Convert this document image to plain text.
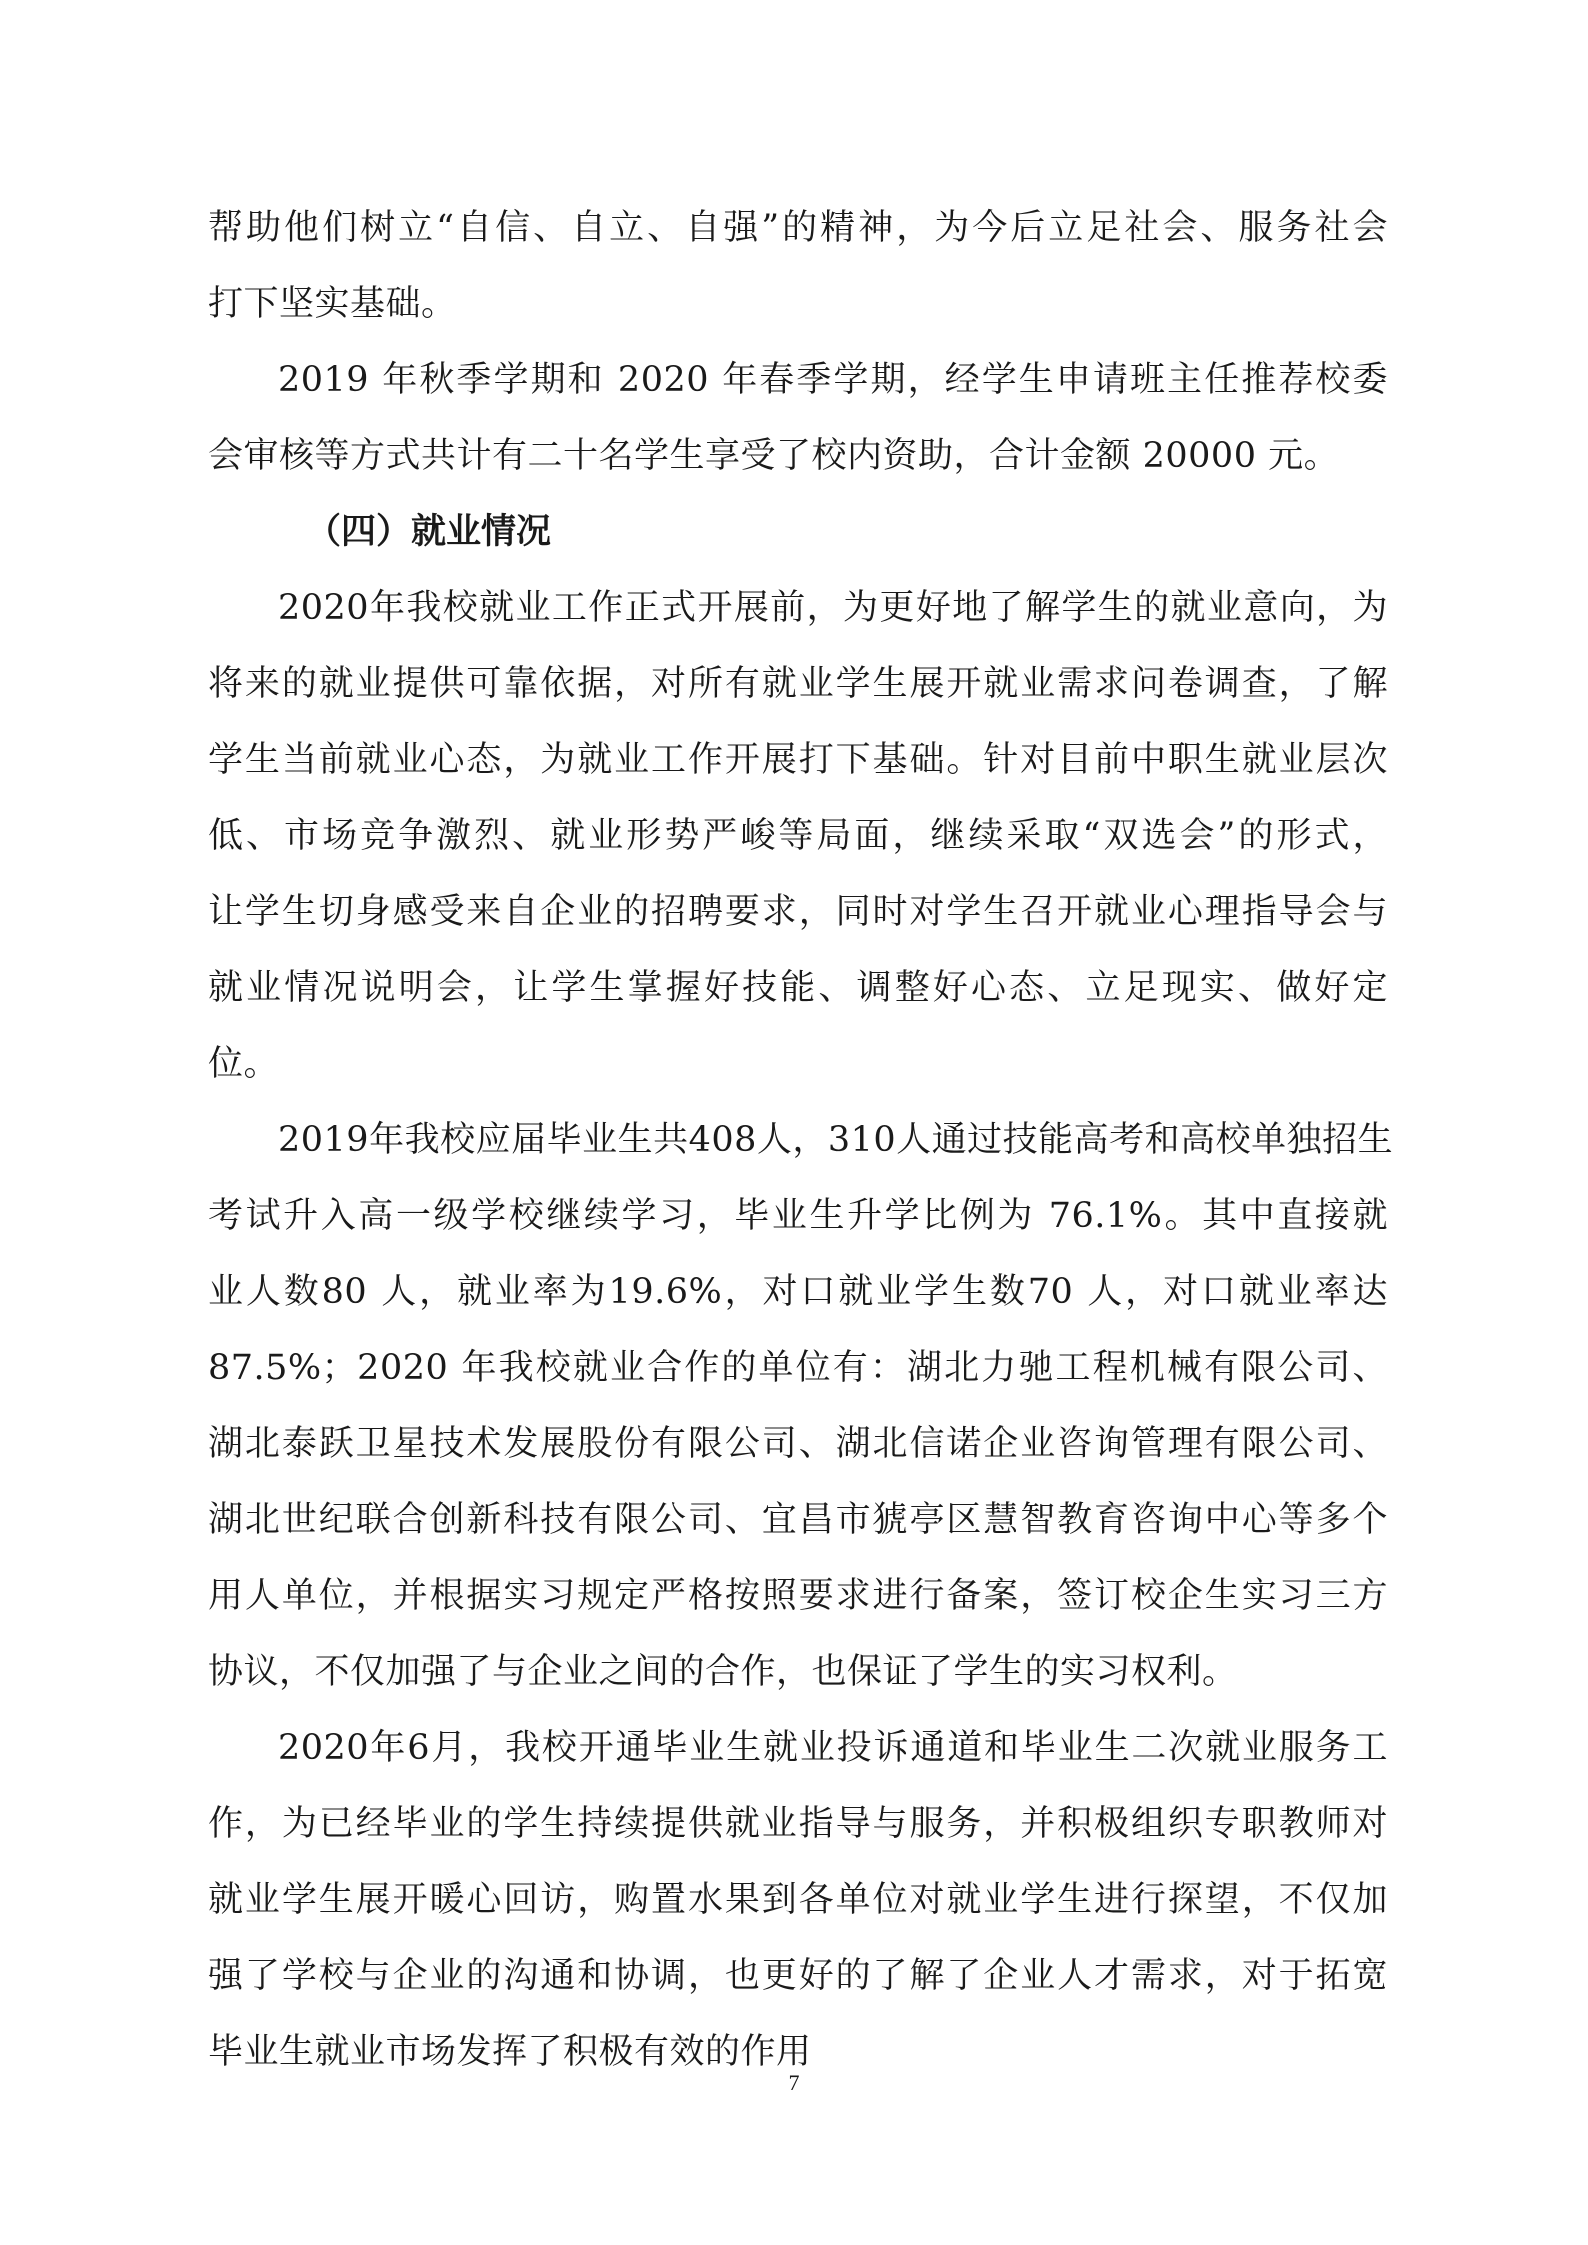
帮助他们树立“自信、自立、自强”的精神，为今后立足社会、服务社会
打下坚实基础。
2019 年秋季学期和 2020 年春季学期，经学生申请班主任推荐校委
会审核等方式共计有二十名学生享受了校内资助，合计金额 20000 元。
（四）就业情况
2020年我校就业工作正式开展前，为更好地了解学生的就业意向，为
将来的就业提供可靠依据，对所有就业学生展开就业需求问卷调查，了解
学生当前就业心态，为就业工作开展打下基础。针对目前中职生就业层次
低、市场竞争激烈、就业形势严峻等局面，继续采取“双选会”的形式，
让学生切身感受来自企业的招聘要求，同时对学生召开就业心理指导会与
就业情况说明会，让学生掌握好技能、调整好心态、立足现实、做好定
位。
2019年我校应届毕业生共408人，310人通过技能高考和高校单独招生
考试升入高一级学校继续学习，毕业生升学比例为 76.1%。其中直接就
业人数80 人，就业率为19.6%，对口就业学生数70 人，对口就业率达
87.5%；2020 年我校就业合作的单位有：湖北力驰工程机械有限公司、
湖北泰跃卫星技术发展股份有限公司、湖北信诺企业咨询管理有限公司、
湖北世纪联合创新科技有限公司、宜昌市猇亭区慧智教育咨询中心等多个
用人单位，并根据实习规定严格按照要求进行备案，签订校企生实习三方
协议，不仅加强了与企业之间的合作，也保证了学生的实习权利。
2020年6月，我校开通毕业生就业投诉通道和毕业生二次就业服务工
作，为已经毕业的学生持续提供就业指导与服务，并积极组织专职教师对
就业学生展开暖心回访，购置水果到各单位对就业学生进行探望，不仅加
强了学校与企业的沟通和协调，也更好的了解了企业人才需求，对于拓宽
毕业生就业市场发挥了积极有效的作用
7
